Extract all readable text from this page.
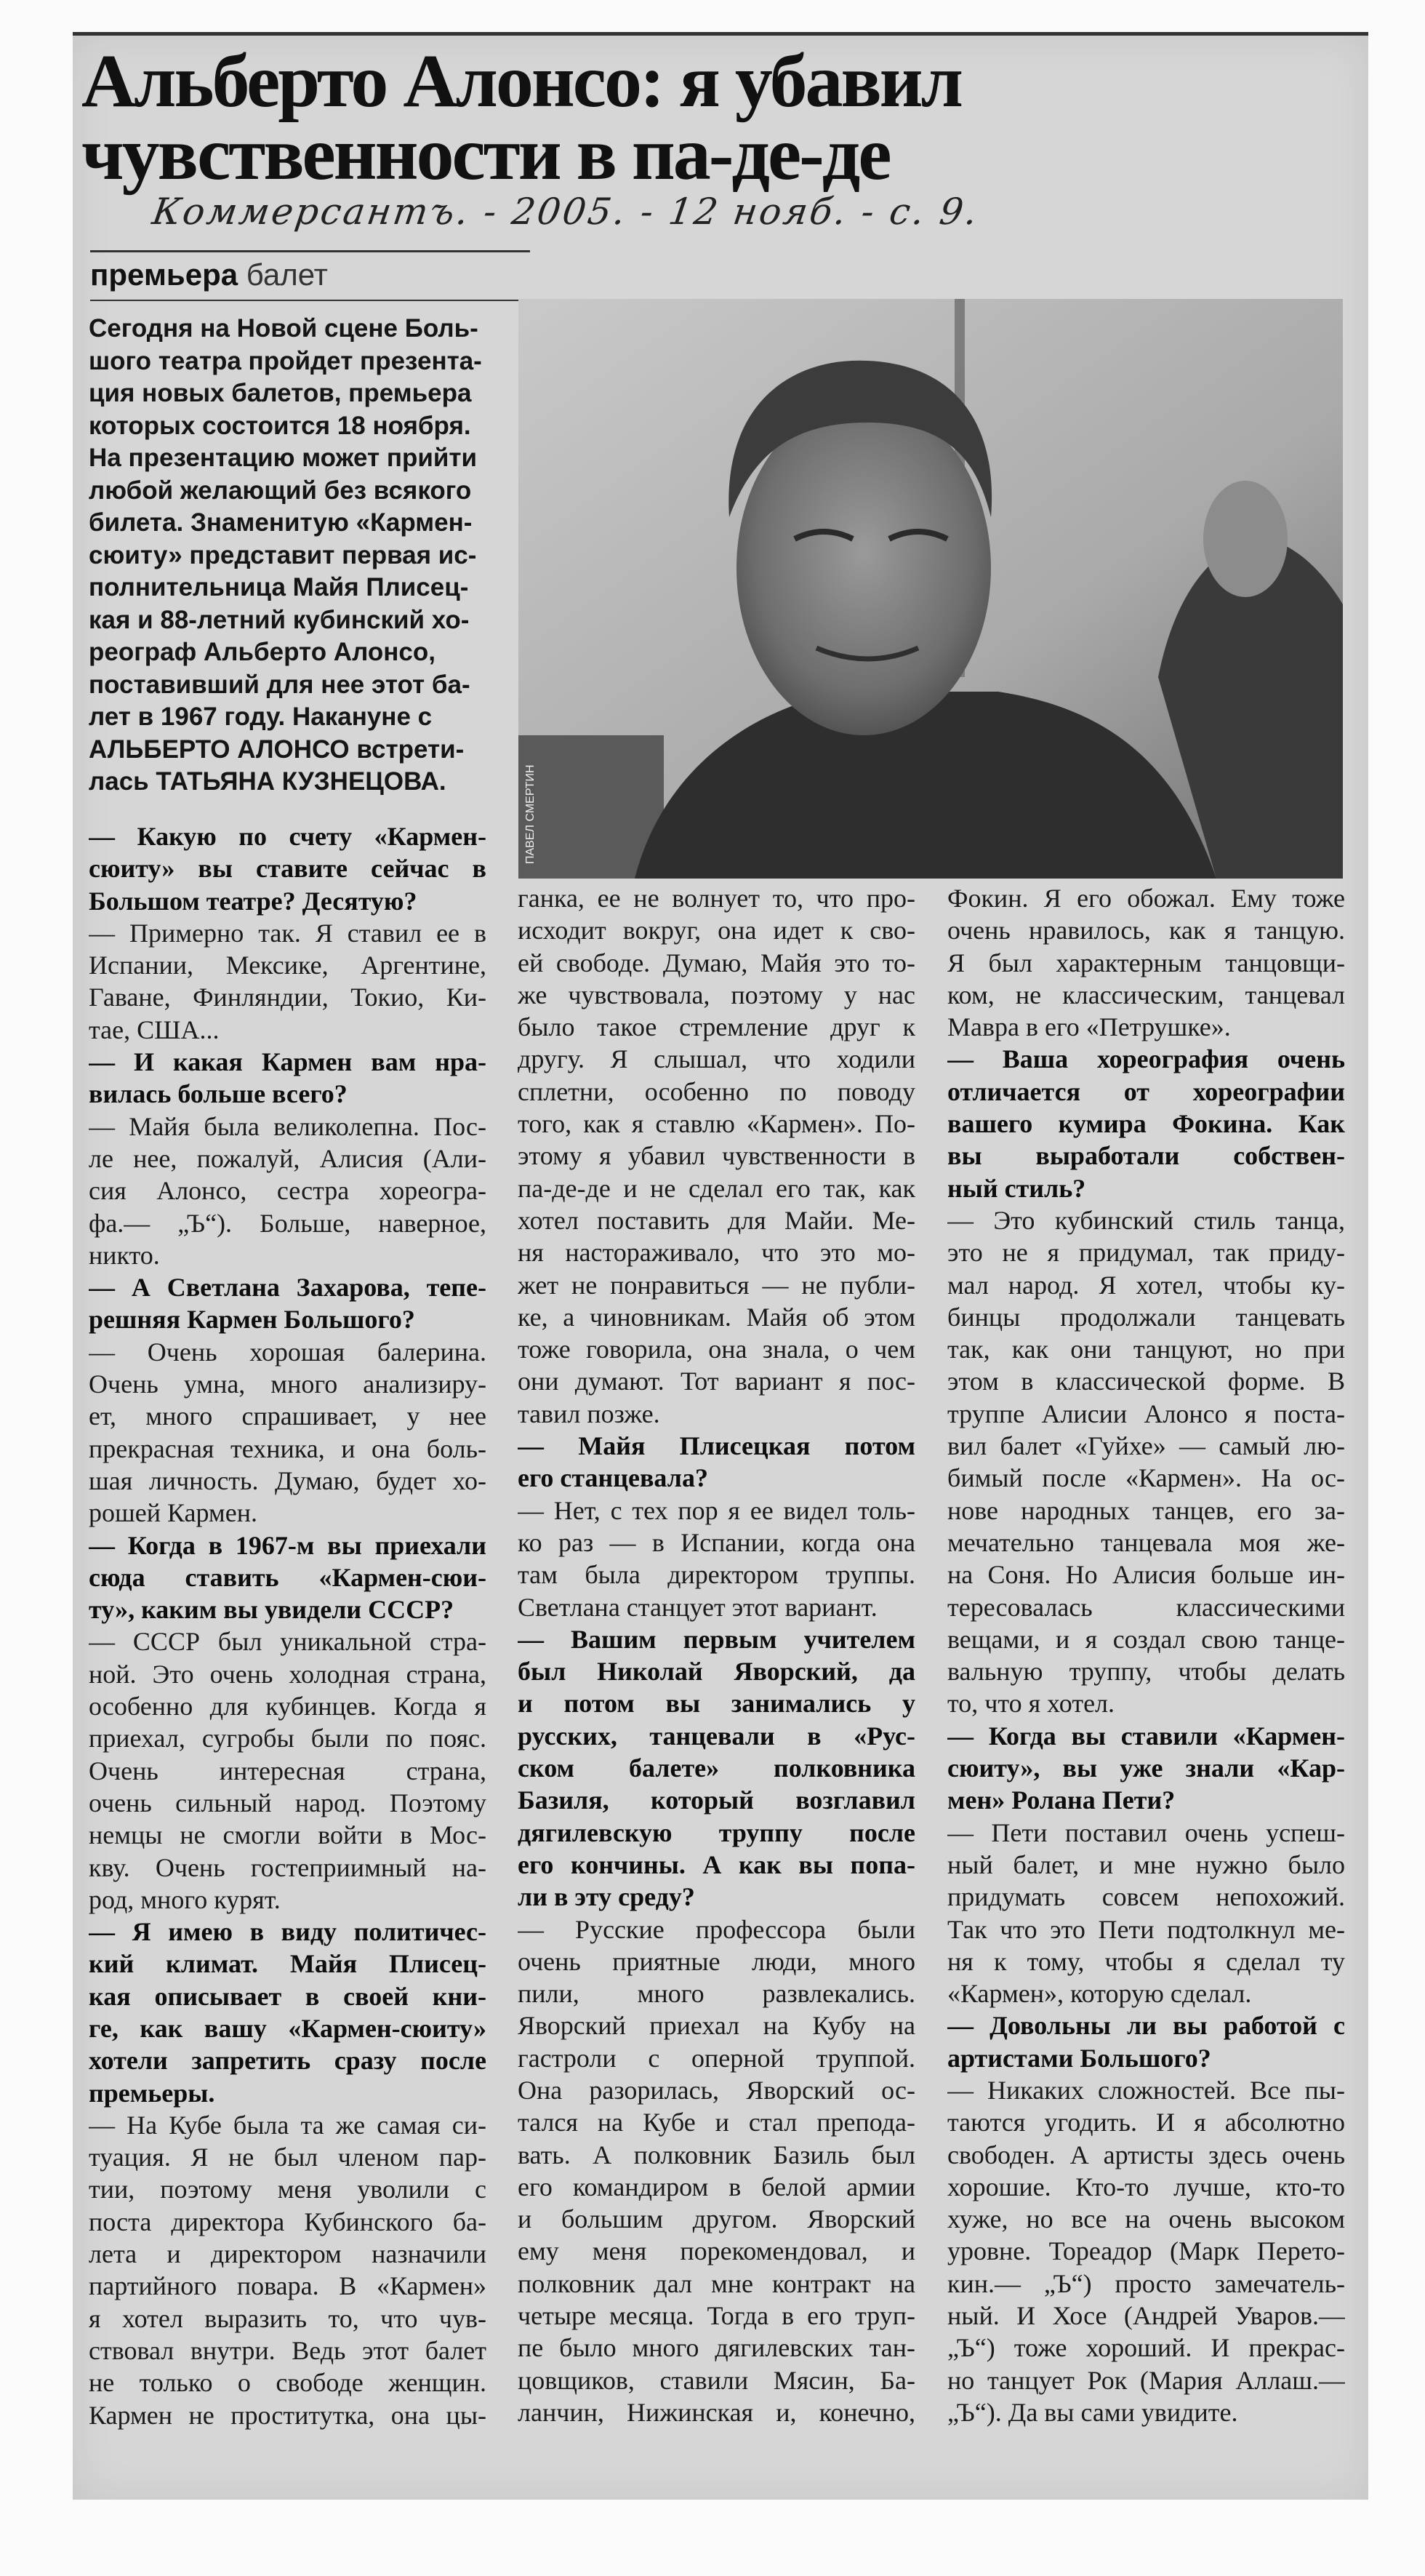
Альберто Алонсо: я убавил
чувственности в па-де-де
Коммерсантъ. - 2005. - 12 нояб. - с. 9.
премьера балет
Сегодня на Новой сцене Боль-
шого театра пройдет презента-
ция новых балетов, премьера
которых состоится 18 ноября.
На презентацию может прийти
любой желающий без всякого
билета. Знаменитую «Кармен-
сюиту» представит первая ис-
полнительница Майя Плисец-
кая и 88-летний кубинский хо-
реограф Альберто Алонсо,
поставивший для нее этот ба-
лет в 1967 году. Накануне с
АЛЬБЕРТО АЛОНСО встрети-
лась ТАТЬЯНА КУЗНЕЦОВА.	ПАВЕЛ СМЕРТИН
— Какую по счету «Кармен-
сюиту» вы ставите сейчас в
Большом театре? Десятую?
— Примерно так. Я ставил ее в
Испании, Мексике, Аргентине,
Гаване, Финляндии, Токио, Ки-
тае, США...
— И какая Кармен вам нра-
вилась больше всего?
— Майя была великолепна. Пос-
ле нее, пожалуй, Алисия (Али-
сия Алонсо, сестра хореогра-
фа.— „Ъ“). Больше, наверное,
никто.
— А Светлана Захарова, тепе-
решняя Кармен Большого?
— Очень хорошая балерина.
Очень умна, много анализиру-
ет, много спрашивает, у нее
прекрасная техника, и она боль-
шая личность. Думаю, будет хо-
рошей Кармен.
— Когда в 1967-м вы приехали
сюда ставить «Кармен-сюи-
ту», каким вы увидели СССР?
— СССР был уникальной стра-
ной. Это очень холодная страна,
особенно для кубинцев. Когда я
приехал, сугробы были по пояс.
Очень интересная страна,
очень сильный народ. Поэтому
немцы не смогли войти в Мос-
кву. Очень гостеприимный на-
род, много курят.
— Я имею в виду политичес-
кий климат. Майя Плисец-
кая описывает в своей кни-
ге, как вашу «Кармен-сюиту»
хотели запретить сразу после
премьеры.
— На Кубе была та же самая си-
туация. Я не был членом пар-
тии, поэтому меня уволили с
поста директора Кубинского ба-
лета и директором назначили
партийного повара. В «Кармен»
я хотел выразить то, что чув-
ствовал внутри. Ведь этот балет
не только о свободе женщин.
Кармен не проститутка, она цы-
ганка, ее не волнует то, что про-
исходит вокруг, она идет к сво-
ей свободе. Думаю, Майя это то-
же чувствовала, поэтому у нас
было такое стремление друг к
другу. Я слышал, что ходили
сплетни, особенно по поводу
того, как я ставлю «Кармен». По-
этому я убавил чувственности в
па-де-де и не сделал его так, как
хотел поставить для Майи. Ме-
ня настораживало, что это мо-
жет не понравиться — не публи-
ке, а чиновникам. Майя об этом
тоже говорила, она знала, о чем
они думают. Тот вариант я пос-
тавил позже.
— Майя Плисецкая потом
его станцевала?
— Нет, с тех пор я ее видел толь-
ко раз — в Испании, когда она
там была директором труппы.
Светлана станцует этот вариант.
— Вашим первым учителем
был Николай Яворский, да
и потом вы занимались у
русских, танцевали в «Рус-
ском балете» полковника
Базиля, который возглавил
дягилевскую труппу после
его кончины. А как вы попа-
ли в эту среду?
— Русские профессора были
очень приятные люди, много
пили, много развлекались.
Яворский приехал на Кубу на
гастроли с оперной труппой.
Она разорилась, Яворский ос-
тался на Кубе и стал препода-
вать. А полковник Базиль был
его командиром в белой армии
и большим другом. Яворский
ему меня порекомендовал, и
полковник дал мне контракт на
четыре месяца. Тогда в его труп-
пе было много дягилевских тан-
цовщиков, ставили Мясин, Ба-
ланчин, Нижинская и, конечно,
Фокин. Я его обожал. Ему тоже
очень нравилось, как я танцую.
Я был характерным танцовщи-
ком, не классическим, танцевал
Мавра в его «Петрушке».
— Ваша хореография очень
отличается от хореографии
вашего кумира Фокина. Как
вы выработали собствен-
ный стиль?
— Это кубинский стиль танца,
это не я придумал, так приду-
мал народ. Я хотел, чтобы ку-
бинцы продолжали танцевать
так, как они танцуют, но при
этом в классической форме. В
труппе Алисии Алонсо я поста-
вил балет «Гуйхе» — самый лю-
бимый после «Кармен». На ос-
нове народных танцев, его за-
мечательно танцевала моя же-
на Соня. Но Алисия больше ин-
тересовалась классическими
вещами, и я создал свою танце-
вальную труппу, чтобы делать
то, что я хотел.
— Когда вы ставили «Кармен-
сюиту», вы уже знали «Кар-
мен» Ролана Пети?
— Пети поставил очень успеш-
ный балет, и мне нужно было
придумать совсем непохожий.
Так что это Пети подтолкнул ме-
ня к тому, чтобы я сделал ту
«Кармен», которую сделал.
— Довольны ли вы работой с
артистами Большого?
— Никаких сложностей. Все пы-
таются угодить. И я абсолютно
свободен. А артисты здесь очень
хорошие. Кто-то лучше, кто-то
хуже, но все на очень высоком
уровне. Тореадор (Марк Перето-
кин.— „Ъ“) просто замечатель-
ный. И Хосе (Андрей Уваров.—
„Ъ“) тоже хороший. И прекрас-
но танцует Рок (Мария Аллаш.—
„Ъ“). Да вы сами увидите.
